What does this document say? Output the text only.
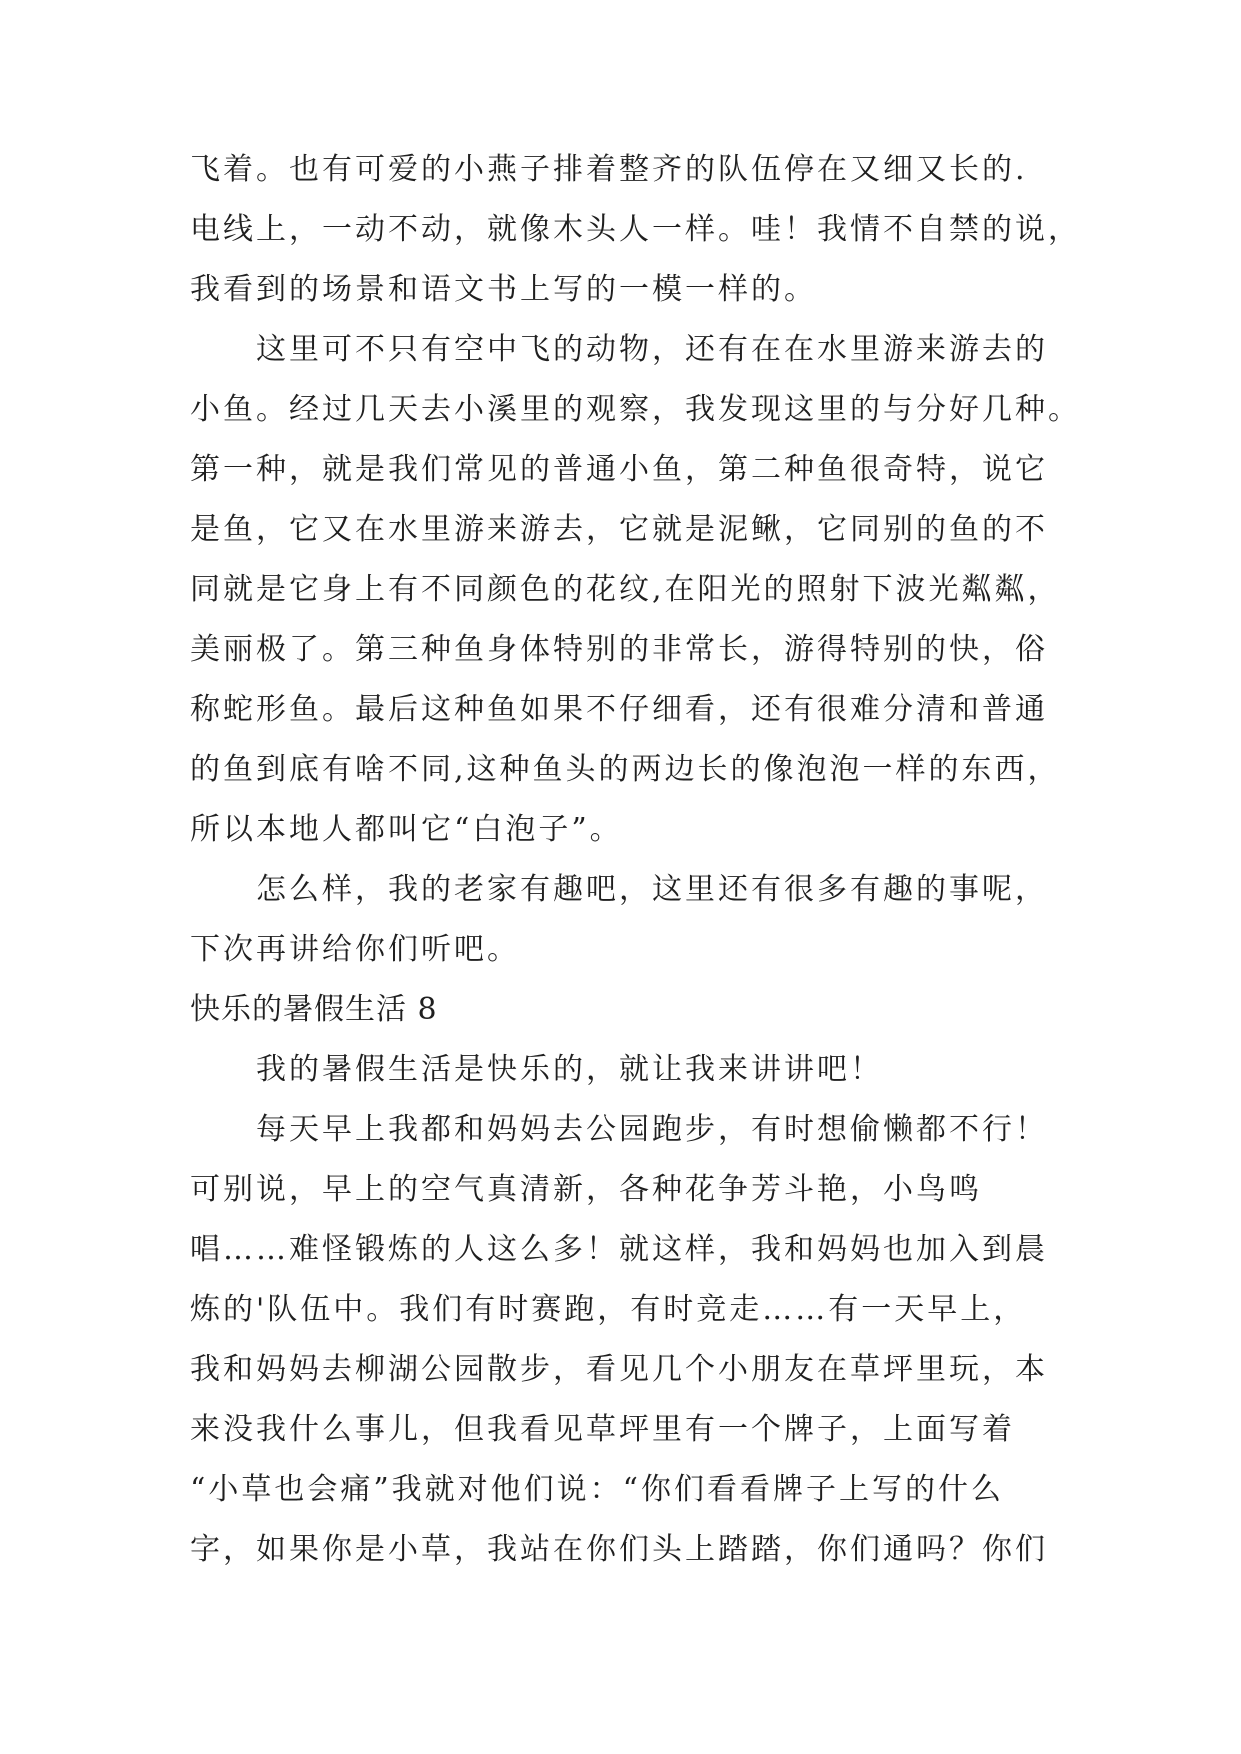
飞着。也有可爱的小燕子排着整齐的队伍停在又细又长的.
电线上，一动不动，就像木头人一样。哇！我情不自禁的说，
我看到的场景和语文书上写的一模一样的。
这里可不只有空中飞的动物，还有在在水里游来游去的
小鱼。经过几天去小溪里的观察，我发现这里的与分好几种。
第一种，就是我们常见的普通小鱼，第二种鱼很奇特，说它
是鱼，它又在水里游来游去，它就是泥鳅，它同别的鱼的不
同就是它身上有不同颜色的花纹,在阳光的照射下波光粼粼，
美丽极了。第三种鱼身体特别的非常长，游得特别的快，俗
称蛇形鱼。最后这种鱼如果不仔细看，还有很难分清和普通
的鱼到底有啥不同,这种鱼头的两边长的像泡泡一样的东西，
所以本地人都叫它“白泡子”。
怎么样，我的老家有趣吧，这里还有很多有趣的事呢，
下次再讲给你们听吧。
快乐的暑假生活 8
我的暑假生活是快乐的，就让我来讲讲吧！
每天早上我都和妈妈去公园跑步，有时想偷懒都不行！
可别说，早上的空气真清新，各种花争芳斗艳，小鸟鸣
唱……难怪锻炼的人这么多！就这样，我和妈妈也加入到晨
炼的'队伍中。我们有时赛跑，有时竞走……有一天早上，
我和妈妈去柳湖公园散步，看见几个小朋友在草坪里玩，本
来没我什么事儿，但我看见草坪里有一个牌子，上面写着
“小草也会痛”我就对他们说：“你们看看牌子上写的什么
字，如果你是小草，我站在你们头上踏踏，你们通吗？你们
